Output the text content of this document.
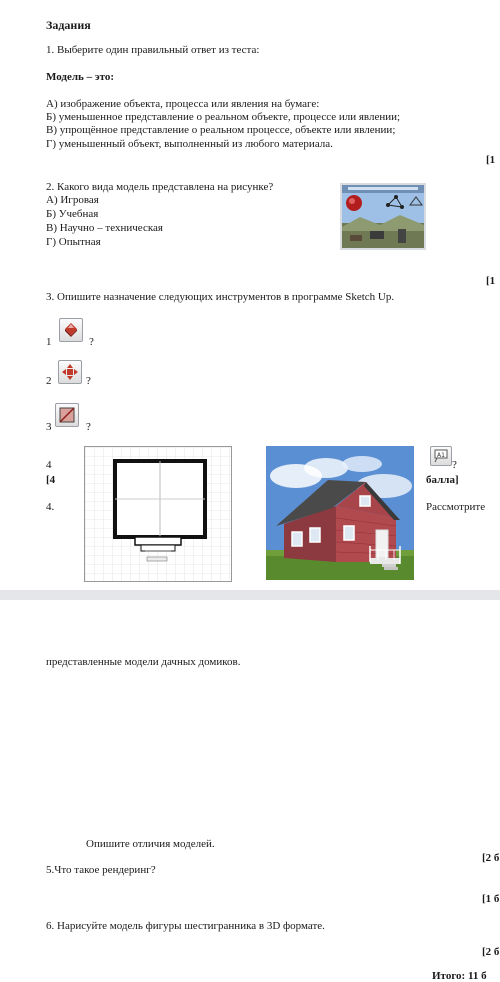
Задания
1. Выберите один правильный ответ из теста:
Модель – это:
А) изображение объекта, процесса или явления на бумаге:
Б) уменьшенное представление о реальном объекте, процессе или явлении;
В) упрощённое представление о реальном процессе, объекте или явлении;
Г) уменьшенный объект, выполненный из любого материала.
[1
2. Какого вида модель представлена на рисунке?
А) Игровая
Б) Учебная
В) Научно – техническая
Г) Опытная
[1
3. Опишите назначение следующих инструментов в программе Sketch Up.
1	?
2	?
3	?
4
A1
?
[4	балла]
4.	Рассмотрите
представленные модели дачных домиков.
Опишите отличия моделей.
[2 б
5.Что такое рендеринг?
[1 б
6. Нарисуйте модель фигуры шестигранника в 3D формате.
[2 б
Итого: 11 б
